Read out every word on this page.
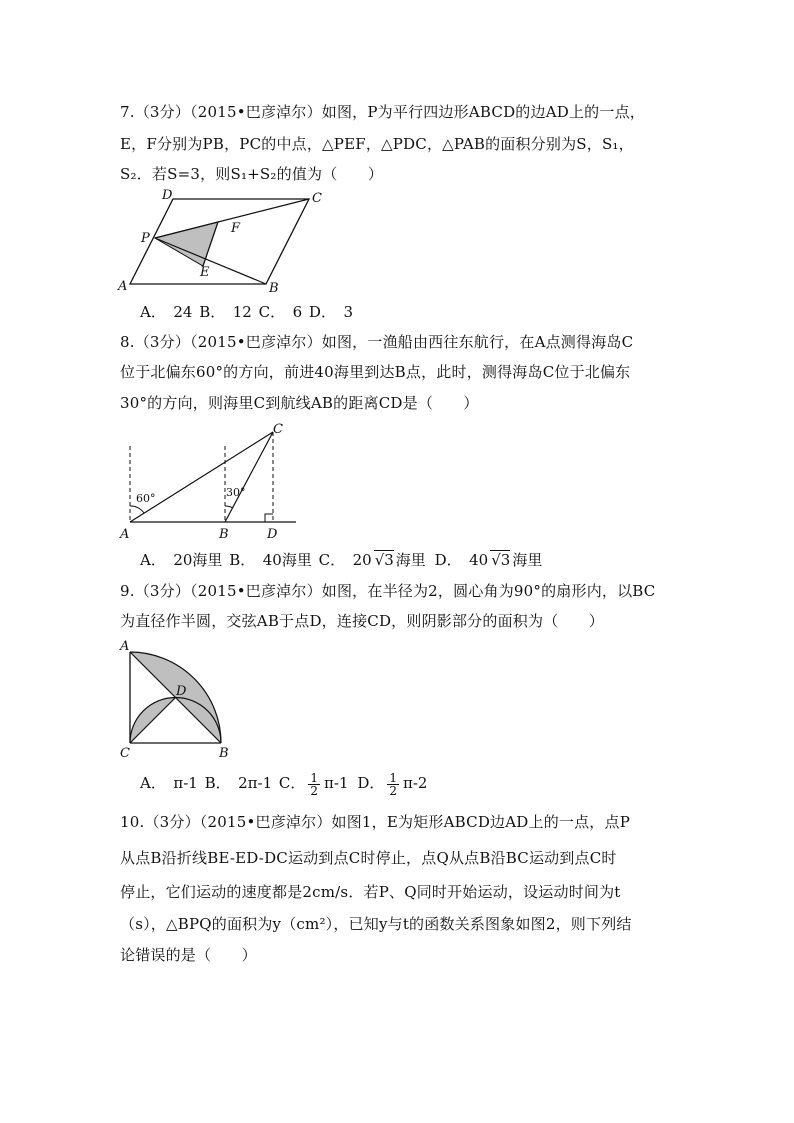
7.（3分）（2015•巴彦淖尔）如图，P为平行四边形ABCD的边AD上的一点，
E，F分别为PB，PC的中点，△PEF，△PDC，△PAB的面积分别为S，S₁，
S₂．若S=3，则S₁+S₂的值为（　　）
A	B
C
D
P
E
F
A．　24 B．　12 C．　6 D．　3
8.（3分）（2015•巴彦淖尔）如图，一渔船由西往东航行，在A点测得海岛C
位于北偏东60°的方向，前进40海里到达B点，此时，测得海岛C位于北偏东
30°的方向，则海里C到航线AB的距离CD是（　　）
60°	30°
A	B
C
D
A．　20海里 B．　40海里 C．　20 √3 海里 D．　40 √3 海里
9.（3分）（2015•巴彦淖尔）如图，在半径为2，圆心角为90°的扇形内，以BC
为直径作半圆，交弦AB于点D，连接CD，则阴影部分的面积为（　　）
A
B
C
D
A．　π-1 B．　2π-1 C． $\frac{1}{2} \pi-1$ D． $\frac{1}{2} \pi-2$
10.（3分）（2015•巴彦淖尔）如图1，E为矩形ABCD边AD上的一点，点P
从点B沿折线BE-ED-DC运动到点C时停止，点Q从点B沿BC运动到点C时
停止，它们运动的速度都是2cm/s．若P、Q同时开始运动，设运动时间为t
（s），△BPQ的面积为y（cm²），已知y与t的函数关系图象如图2，则下列结
论错误的是（　　）
